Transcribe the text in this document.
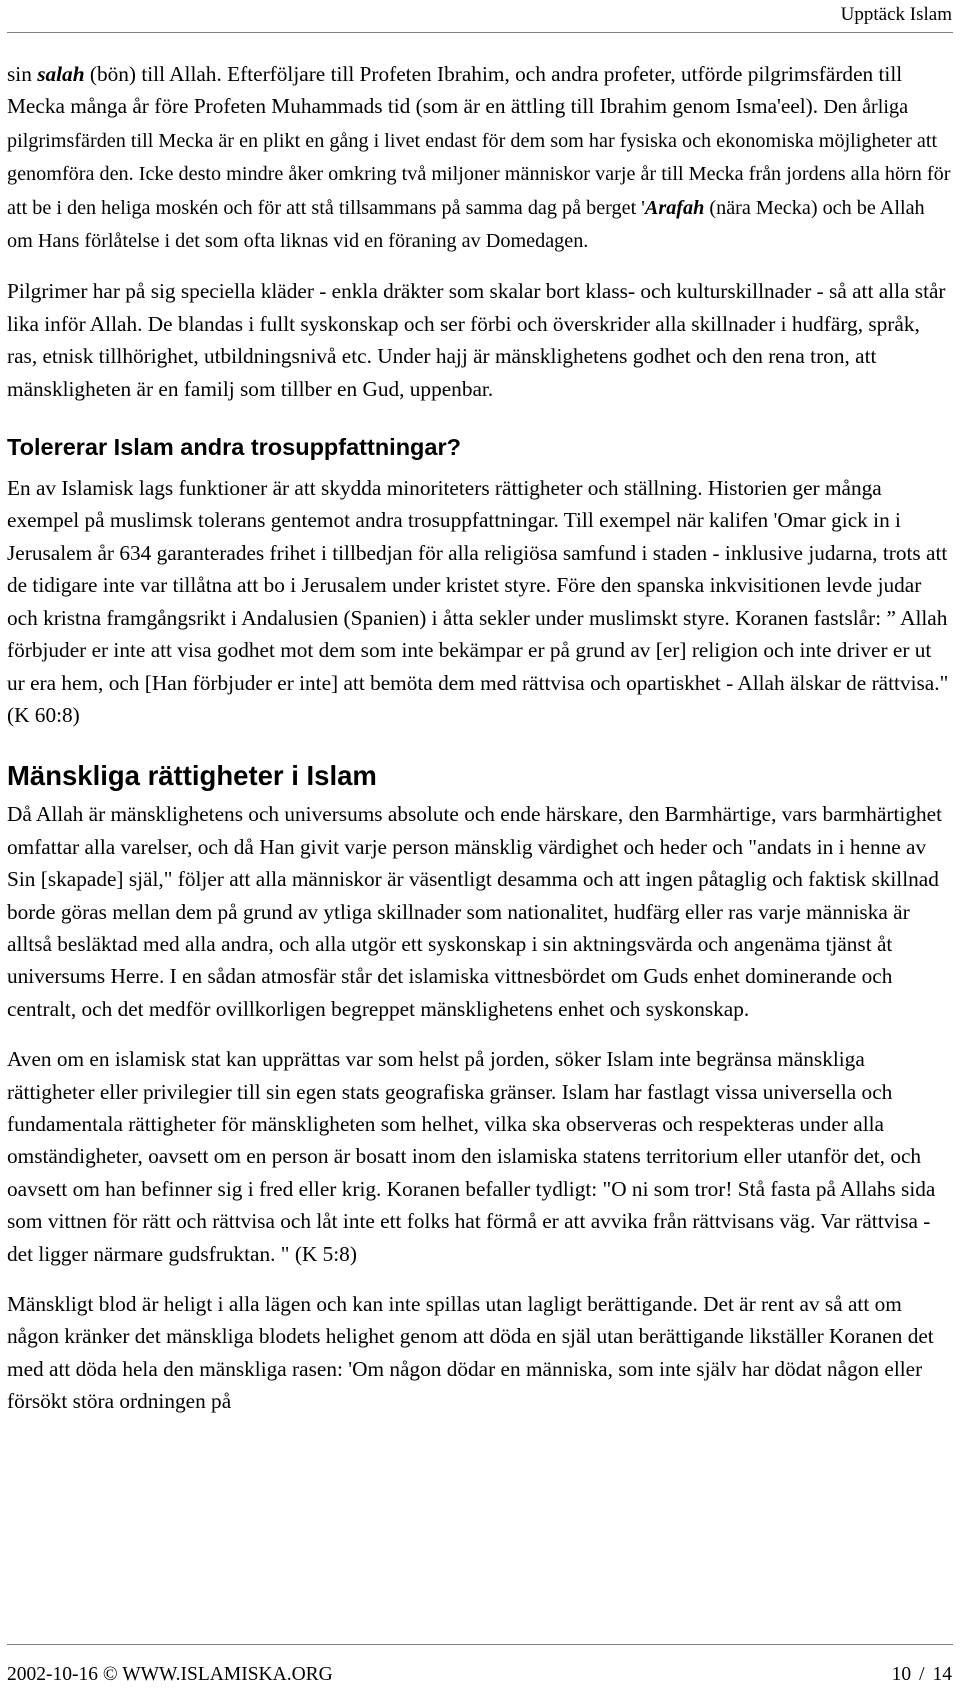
Upptäck Islam

sin salah (bön) till Allah. Efterföljare till Profeten Ibrahim, och andra profeter, utförde pilgrimsfärden till Mecka många år före Profeten Muhammads tid (som är en ättling till Ibrahim genom Isma'eel). Den årliga pilgrimsfärden till Mecka är en plikt en gång i livet endast för dem som har fysiska och ekonomiska möjligheter att genomföra den. Icke desto mindre åker omkring två miljoner människor varje år till Mecka från jordens alla hörn för att be i den heliga moskén och för att stå tillsammans på samma dag på berget 'Arafah (nära Mecka) och be Allah om Hans förlåtelse i det som ofta liknas vid en föraning av Domedagen.

Pilgrimer har på sig speciella kläder - enkla dräkter som skalar bort klass- och kulturskillnader - så att alla står lika inför Allah. De blandas i fullt syskonskap och ser förbi och överskrider alla skillnader i hudfärg, språk, ras, etnisk tillhörighet, utbildningsnivå etc. Under hajj är mänsklighetens godhet och den rena tron, att mänskligheten är en familj som tillber en Gud, uppenbar.

Tolererar Islam andra trosuppfattningar?

En av Islamisk lags funktioner är att skydda minoriteters rättigheter och ställning. Historien ger många exempel på muslimsk tolerans gentemot andra trosuppfattningar. Till exempel när kalifen 'Omar gick in i Jerusalem år 634 garanterades frihet i tillbedjan för alla religiösa samfund i staden - inklusive judarna, trots att de tidigare inte var tillåtna att bo i Jerusalem under kristet styre. Före den spanska inkvisitionen levde judar och kristna framgångsrikt i Andalusien (Spanien) i åtta sekler under muslimskt styre. Koranen fastslår: ” Allah förbjuder er inte att visa godhet mot dem som inte bekämpar er på grund av [er] religion och inte driver er ut ur era hem, och [Han förbjuder er inte] att bemöta dem med rättvisa och opartiskhet - Allah älskar de rättvisa." (K 60:8)

Mänskliga rättigheter i Islam

Då Allah är mänsklighetens och universums absolute och ende härskare, den Barmhärtige, vars barmhärtighet omfattar alla varelser, och då Han givit varje person mänsklig värdighet och heder och "andats in i henne av Sin [skapade] själ," följer att alla människor är väsentligt desamma och att ingen påtaglig och faktisk skillnad borde göras mellan dem på grund av ytliga skillnader som nationalitet, hudfärg eller ras varje människa är alltså besläktad med alla andra, och alla utgör ett syskonskap i sin aktningsvärda och angenäma tjänst åt universums Herre. I en sådan atmosfär står det islamiska vittnesbördet om Guds enhet dominerande och centralt, och det medför ovillkorligen begreppet mänsklighetens enhet och syskonskap.

Aven om en islamisk stat kan upprättas var som helst på jorden, söker Islam inte begränsa mänskliga rättigheter eller privilegier till sin egen stats geografiska gränser. Islam har fastlagt vissa universella och fundamentala rättigheter för mänskligheten som helhet, vilka ska observeras och respekteras under alla omständigheter, oavsett om en person är bosatt inom den islamiska statens territorium eller utanför det, och oavsett om han befinner sig i fred eller krig. Koranen befaller tydligt: "O ni som tror! Stå fasta på Allahs sida som vittnen för rätt och rättvisa och låt inte ett folks hat förmå er att avvika från rättvisans väg. Var rättvisa - det ligger närmare gudsfruktan. " (K 5:8)

Mänskligt blod är heligt i alla lägen och kan inte spillas utan lagligt berättigande. Det är rent av så att om någon kränker det mänskliga blodets helighet genom att döda en själ utan berättigande likställer Koranen det med att döda hela den mänskliga rasen: 'Om någon dödar en människa, som inte själv har dödat någon eller försökt störa ordningen på

2002-10-16 © WWW.ISLAMISKA.ORG	10 / 14
